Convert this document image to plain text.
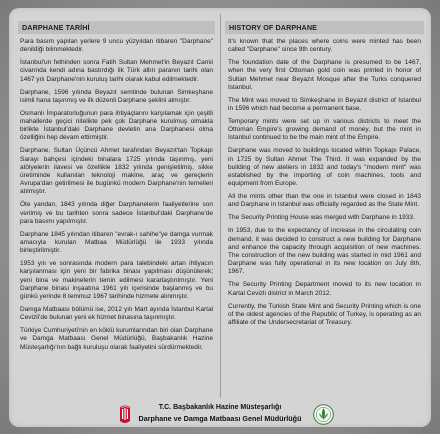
DARPHANE TARİHİ	HISTORY OF DARPHANE

Para basım yapılan yerlere 9 uncu yüzyıldan itibaren "Darphane" denildiği bilinmektedir.

İstanbul'un fethinden sonra Fatih Sultan Mehmet'in Beyazıt Camii civarında kendi adına bastırdığı ilk Türk altın paranın tarihi olan 1467 yılı Darphane'nin kuruluş tarihi olarak kabul edilmektedir.

Darphane, 1596 yılında Beyazıt semtinde bulunan Simkeşhane isimli hana taşınmış ve ilk düzenli Darphane şeklini almıştır.

Osmanlı İmparatorluğunun para ihtiyaçlarını karşılamak için çeşitli mahallerde geçici nitelikte pek çok Darphane kurulmuş olmakla birlikte İstanbul'daki Darphane devletin ana Darphanesi olma özelliğini hep devam ettirmiştir.

Darphane, Sultan Üçüncü Ahmet tarafından Beyazıt'tan Topkapı Sarayı bahçesi içindeki binalara 1725 yılında taşınmış, yeni atölyelerin ilavesi ve özellikle 1832 yılında genişletilmiş, sikke üretiminde kullanılan teknoloji makine, araç ve gereçlerin Avrupa'dan getirilmesi ile bugünkü modern Darphane'nin temelleri atılmıştır.

Öte yandan, 1843 yılında diğer Darphanelerin faaliyetlerine son verilmiş ve bu tarihten sonra sadece İstanbul'daki Darphane'de para basımı yapılmıştır.

Darphane 1845 yılından itibaren "evrak-ı sahihe"ye damga vurmak amacıyla kurulan Matbaa Müdürlüğü ile 1933 yılında birleştirilmiştir.

1953 yılı ve sonrasında modern para talebindeki artan ihtiyacın karşılanması için yeni bir fabrika binası yapılması düşünülerek; yeni bina ve makinelerin temin edilmesi kararlaştırılmıştır. Yeni Darphane binası inşaatına 1961 yılı içerisinde başlanmış ve bu günkü yerinde 8 temmuz 1967 tarihinde hizmete alınmıştır.

Damga Matbaası bölümü ise, 2012 yılı Mart ayında İstanbul Kartal Cevizli'de bulunan yeni ek hizmet binasına taşınmıştır.

Türkiye Cumhuriyeti'nin en köklü kurumlarından biri olan Darphane ve Damga Matbaası Genel Müdürlüğü, Başbakanlık Hazine Müsteşarlığı'nın bağlı kuruluşu olarak faaliyetini sürdürmektedir.

It's known that the places where coins were minted has been called "Darphane" since 9th century.

The foundation date of the Darphane is presumed to be 1467, when the very first Ottoman gold coin was printed in honor of Sultan Mehmet near Beyazıt Mosque after the Turks conquered Istanbul.

The Mint was moved to Simkeşhane in Beyazıt district of Istanbul in 1596 which had become a permanent base.

Temporary mints were set up in various districts to meet the Ottoman Empire's growing demand of money, but the mint in Istanbul continued to be the main mint of the Empire.

Darphane was moved to buildings located within Topkapı Palace, in 1725 by Sultan Ahmet The Third. It was expanded by the building of new ateliers in 1832 and today's "modern mint" was established by the importing of coin machines, tools and equipment from Europe.

All the mints other than the one in Istanbul were closed in 1843 and Darphane in Istanbul was officially regarded as the State Mint.

The Security Printing House was merged with Darphane in 1933.

In 1953, due to the expectancy of increase in the circulating coin demand, it was decided to construct a new building for Darphane and enhance the capacity through acquisition of new machines. The construction of the new building was started in mid 1961 and Darphane was fully operational in its new location on July 8th, 1967.

The Security Printing Department moved to its new location in Kartal Cevizli district in March 2012.

Currently, the Turkish State Mint and Security Printing which is one of the oldest agencies of the Republic of Turkey, is operating as an affiliate of the Undersecretariat of Treasury.

T.C. Başbakanlık Hazine Müsteşarlığı
Darphane ve Damga Matbaası Genel Müdürlüğü
